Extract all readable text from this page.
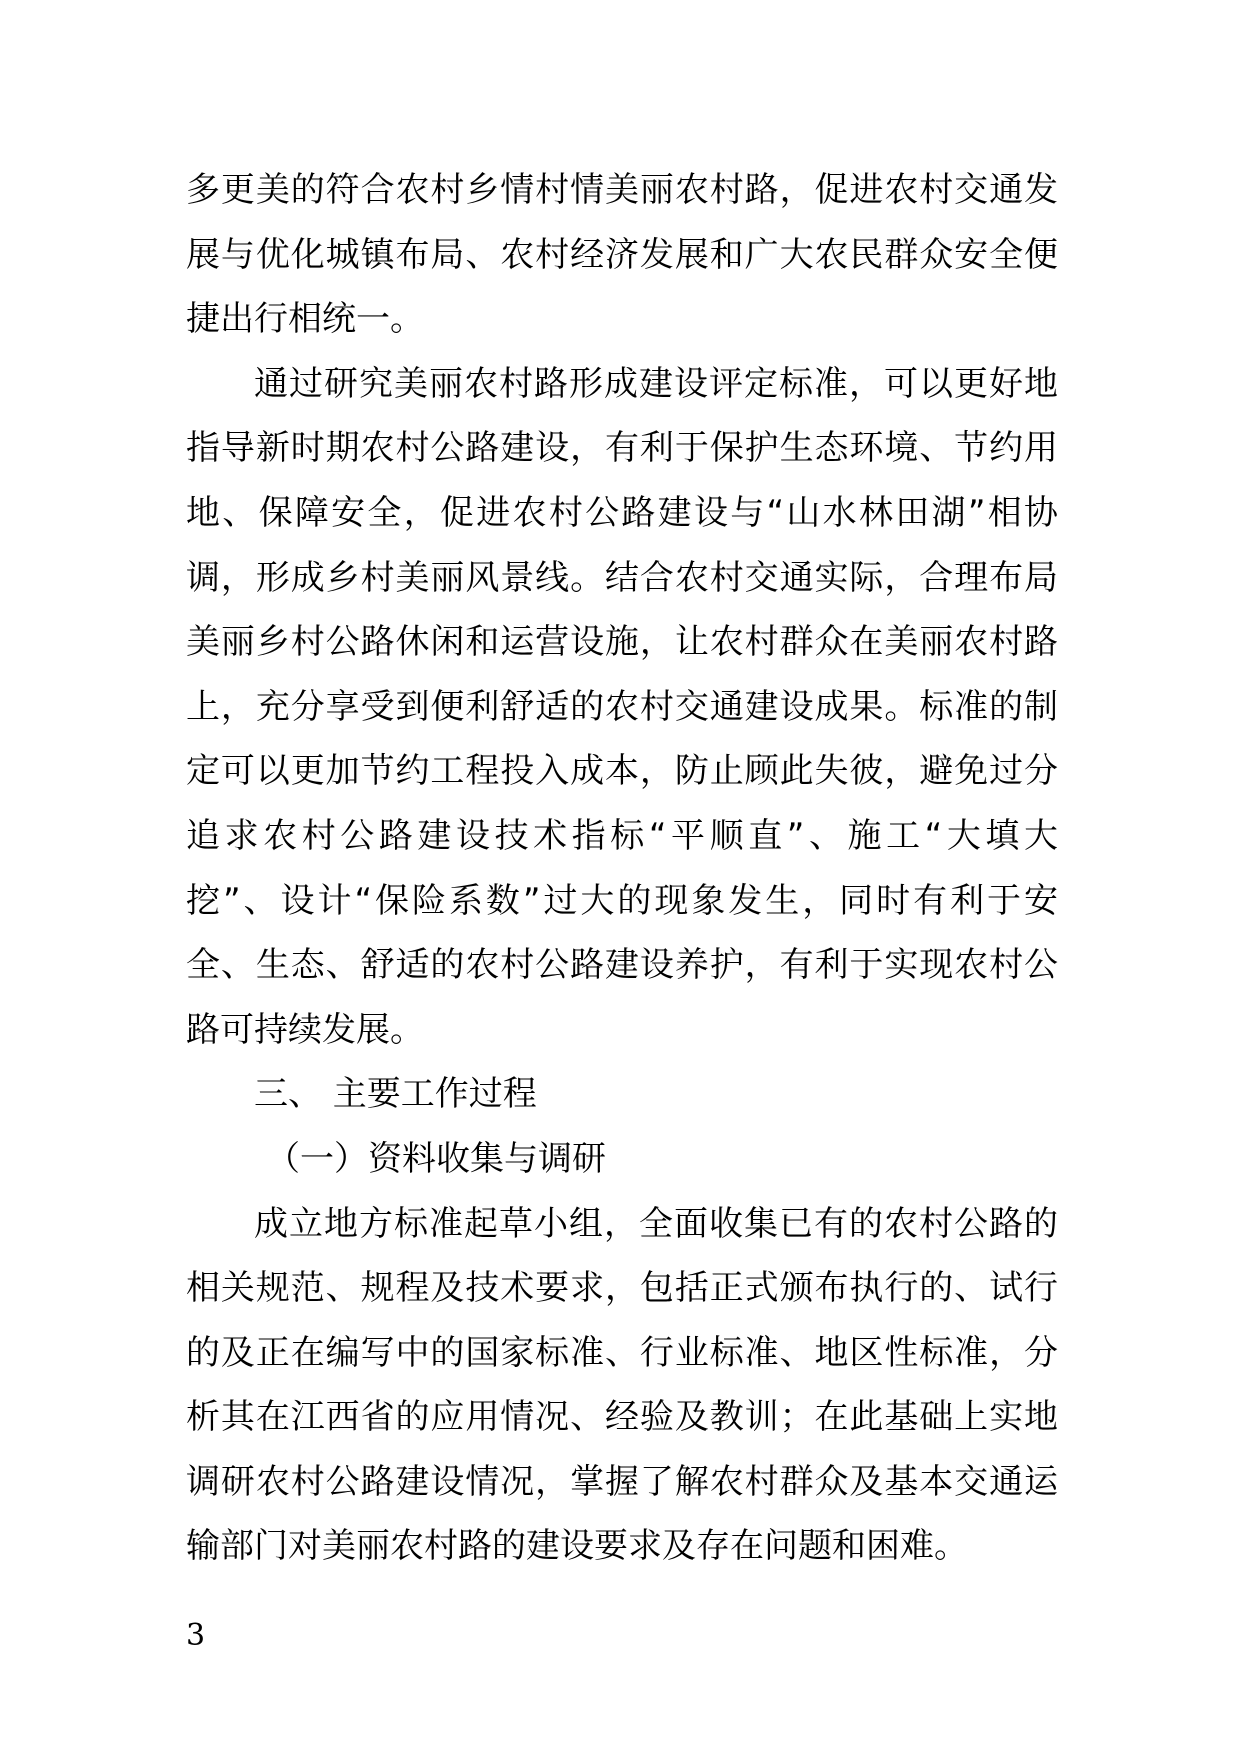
多更美的符合农村乡情村情美丽农村路，促进农村交通发
展与优化城镇布局、农村经济发展和广大农民群众安全便
捷出行相统一。
通过研究美丽农村路形成建设评定标准，可以更好地
指导新时期农村公路建设，有利于保护生态环境、节约用
地、保障安全，促进农村公路建设与“山水林田湖”相协
调，形成乡村美丽风景线。结合农村交通实际，合理布局
美丽乡村公路休闲和运营设施，让农村群众在美丽农村路
上，充分享受到便利舒适的农村交通建设成果。标准的制
定可以更加节约工程投入成本，防止顾此失彼，避免过分
追求农村公路建设技术指标“平顺直”、施工“大填大
挖”、设计“保险系数”过大的现象发生，同时有利于安
全、生态、舒适的农村公路建设养护，有利于实现农村公
路可持续发展。
三、 主要工作过程
（一）资料收集与调研
成立地方标准起草小组，全面收集已有的农村公路的
相关规范、规程及技术要求，包括正式颁布执行的、试行
的及正在编写中的国家标准、行业标准、地区性标准，分
析其在江西省的应用情况、经验及教训；在此基础上实地
调研农村公路建设情况，掌握了解农村群众及基本交通运
输部门对美丽农村路的建设要求及存在问题和困难。
3
